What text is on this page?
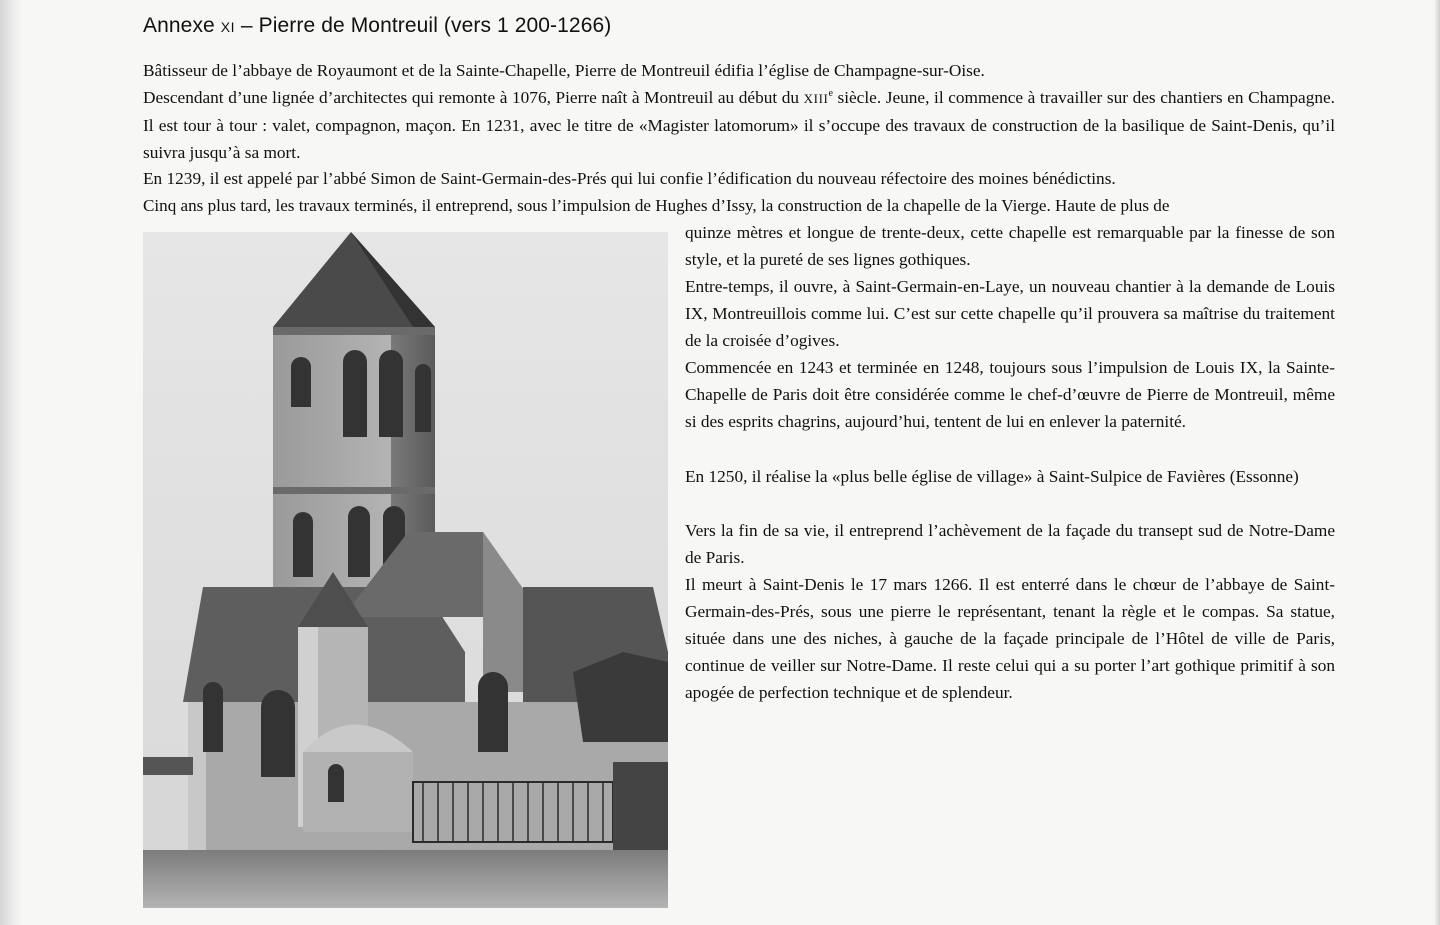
Annexe XI – Pierre de Montreuil (vers 1 200-1266)

Bâtisseur de l’abbaye de Royaumont et de la Sainte-Chapelle, Pierre de Montreuil édifia l’église de Champagne-sur-Oise.

Descendant d’une lignée d’architectes qui remonte à 1076, Pierre naît à Montreuil au début du XIIIe siècle. Jeune, il commence à travailler sur des chantiers en Champagne. Il est tour à tour : valet, compagnon, maçon. En 1231, avec le titre de «Magister latomorum» il s’occupe des travaux de construction de la basilique de Saint-Denis, qu’il suivra jusqu’à sa mort.

En 1239, il est appelé par l’abbé Simon de Saint-Germain-des-Prés qui lui confie l’édification du nouveau réfectoire des moines bénédictins.

Cinq ans plus tard, les travaux terminés, il entreprend, sous l’impulsion de Hughes d’Issy, la construction de la chapelle de la Vierge. Haute de plus de

quinze mètres et longue de trente-deux, cette chapelle est remarquable par la finesse de son style, et la pureté de ses lignes gothiques.

Entre-temps, il ouvre, à Saint-Germain-en-Laye, un nouveau chantier à la demande de Louis IX, Montreuillois comme lui. C’est sur cette chapelle qu’il prouvera sa maîtrise du traitement de la croisée d’ogives.

Commencée en 1243 et terminée en 1248, toujours sous l’impulsion de Louis IX, la Sainte-Chapelle de Paris doit être considérée comme le chef-d’œuvre de Pierre de Montreuil, même si des esprits chagrins, aujourd’hui, tentent de lui en enlever la paternité.

En 1250, il réalise la «plus belle église de village» à Saint-Sulpice de Favières (Essonne)

Vers la fin de sa vie, il entreprend l’achèvement de la façade du transept sud de Notre-Dame de Paris.

Il meurt à Saint-Denis le 17 mars 1266. Il est enterré dans le chœur de l’abbaye de Saint-Germain-des-Prés, sous une pierre le représentant, tenant la règle et le compas. Sa statue, située dans une des niches, à gauche de la façade principale de l’Hôtel de ville de Paris, continue de veiller sur Notre-Dame. Il reste celui qui a su porter l’art gothique primitif à son apogée de perfection technique et de splendeur.
